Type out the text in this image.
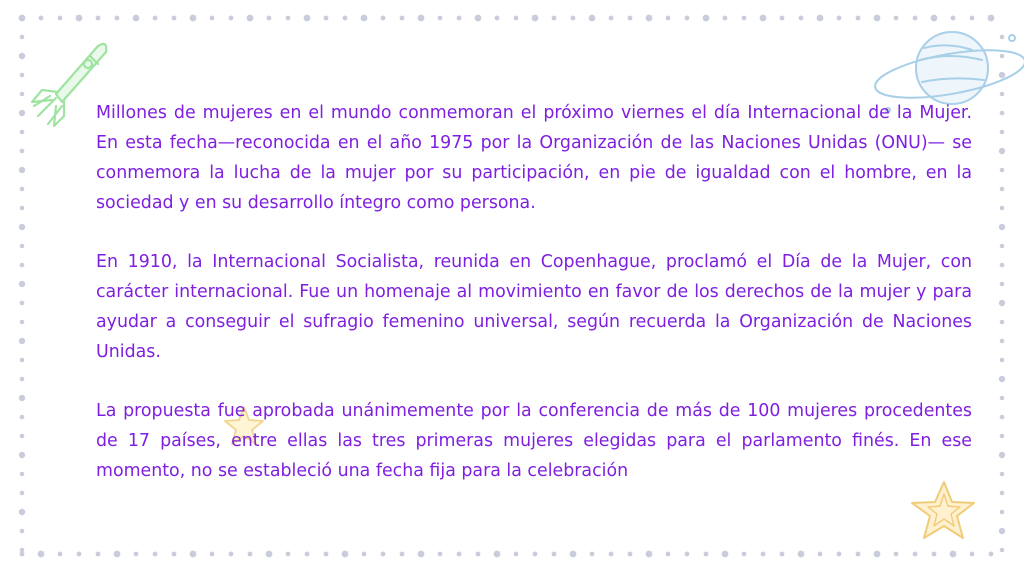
Millones de mujeres en el mundo conmemoran el próximo viernes el día Internacional de la Mujer. En esta fecha—reconocida en el año 1975 por la Organización de las Naciones Unidas (ONU)— se conmemora la lucha de la mujer por su participación, en pie de igualdad con el hombre, en la sociedad y en su desarrollo íntegro como persona.

En 1910, la Internacional Socialista, reunida en Copenhague, proclamó el Día de la Mujer, con carácter internacional. Fue un homenaje al movimiento en favor de los derechos de la mujer y para ayudar a conseguir el sufragio femenino universal, según recuerda la Organización de Naciones Unidas.

La propuesta fue aprobada unánimemente por la conferencia de más de 100 mujeres procedentes de 17 países, entre ellas las tres primeras mujeres elegidas para el parlamento finés. En ese momento, no se estableció una fecha fija para la celebración
